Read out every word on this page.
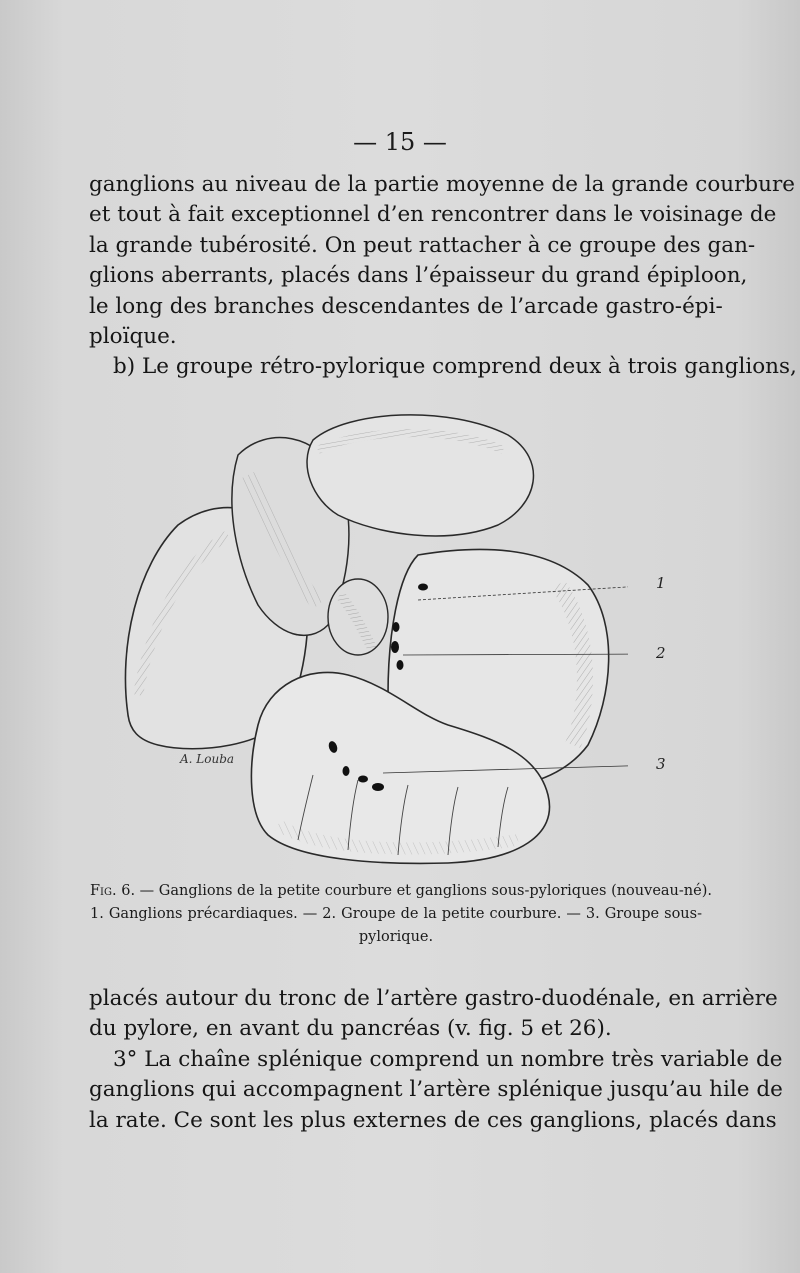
— 15 —
ganglions au niveau de la partie moyenne de la grande courbure
et tout à fait exceptionnel d’en rencontrer dans le voisinage de
la grande tubérosité. On peut rattacher à ce groupe des gan-
glions aberrants, placés dans l’épaisseur du grand épiploon,
le long des branches descendantes de l’arcade gastro-épi-
ploïque.
b) Le groupe rétro-pylorique comprend deux à trois ganglions,
1
2
3
A. Louba
Fig. 6. — Ganglions de la petite courbure et ganglions sous-pyloriques (nouveau-né).
1. Ganglions précardiaques. — 2. Groupe de la petite courbure. — 3. Groupe sous-
pylorique.
placés autour du tronc de l’artère gastro-duodénale, en arrière
du pylore, en avant du pancréas (v. fig. 5 et 26).
3° La chaîne splénique comprend un nombre très variable de
ganglions qui accompagnent l’artère splénique jusqu’au hile de
la rate. Ce sont les plus externes de ces ganglions, placés dans
